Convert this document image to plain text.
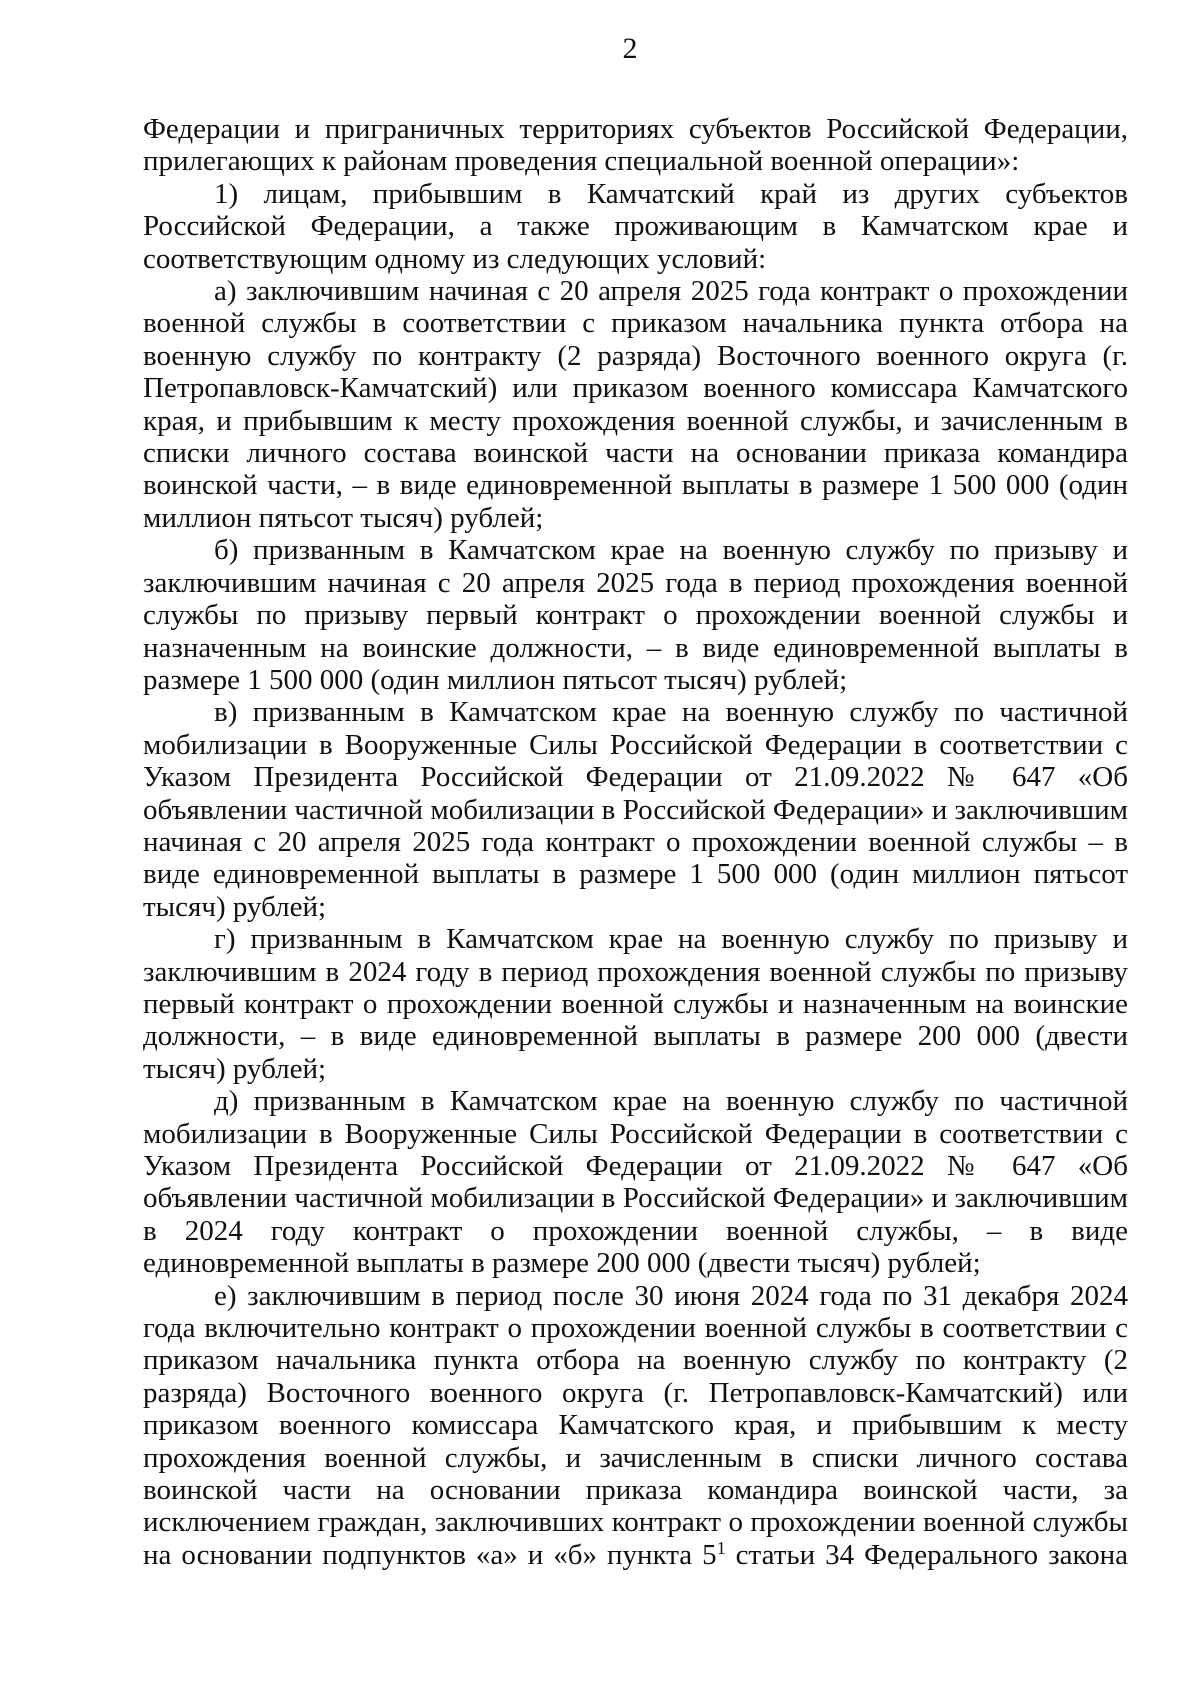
2

Федерации и приграничных территориях субъектов Российской Федерации, прилегающих к районам проведения специальной военной операции»:

1) лицам, прибывшим в Камчатский край из других субъектов Российской Федерации, а также проживающим в Камчатском крае и соответствующим одному из следующих условий:

а) заключившим начиная с 20 апреля 2025 года контракт о прохождении военной службы в соответствии с приказом начальника пункта отбора на военную службу по контракту (2 разряда) Восточного военного округа (г. Петропавловск-Камчатский) или приказом военного комиссара Камчатского края, и прибывшим к месту прохождения военной службы, и зачисленным в списки личного состава воинской части на основании приказа командира воинской части, – в виде единовременной выплаты в размере 1 500 000 (один миллион пятьсот тысяч) рублей;

б) призванным в Камчатском крае на военную службу по призыву и заключившим начиная с 20 апреля 2025 года в период прохождения военной службы по призыву первый контракт о прохождении военной службы и назначенным на воинские должности, – в виде единовременной выплаты в размере 1 500 000 (один миллион пятьсот тысяч) рублей;

в) призванным в Камчатском крае на военную службу по частичной мобилизации в Вооруженные Силы Российской Федерации в соответствии с Указом Президента Российской Федерации от 21.09.2022 № 647 «Об объявлении частичной мобилизации в Российской Федерации» и заключившим начиная с 20 апреля 2025 года контракт о прохождении военной службы – в виде единовременной выплаты в размере 1 500 000 (один миллион пятьсот тысяч) рублей;

г) призванным в Камчатском крае на военную службу по призыву и заключившим в 2024 году в период прохождения военной службы по призыву первый контракт о прохождении военной службы и назначенным на воинские должности, – в виде единовременной выплаты в размере 200 000 (двести тысяч) рублей;

д) призванным в Камчатском крае на военную службу по частичной мобилизации в Вооруженные Силы Российской Федерации в соответствии с Указом Президента Российской Федерации от 21.09.2022 № 647 «Об объявлении частичной мобилизации в Российской Федерации» и заключившим в 2024 году контракт о прохождении военной службы, – в виде единовременной выплаты в размере 200 000 (двести тысяч) рублей;

е) заключившим в период после 30 июня 2024 года по 31 декабря 2024 года включительно контракт о прохождении военной службы в соответствии с приказом начальника пункта отбора на военную службу по контракту (2 разряда) Восточного военного округа (г. Петропавловск-Камчатский) или приказом военного комиссара Камчатского края, и прибывшим к месту прохождения военной службы, и зачисленным в списки личного состава воинской части на основании приказа командира воинской части, за исключением граждан, заключивших контракт о прохождении военной службы на основании подпунктов «а» и «б» пункта $5^1$ статьи 34 Федерального закона
